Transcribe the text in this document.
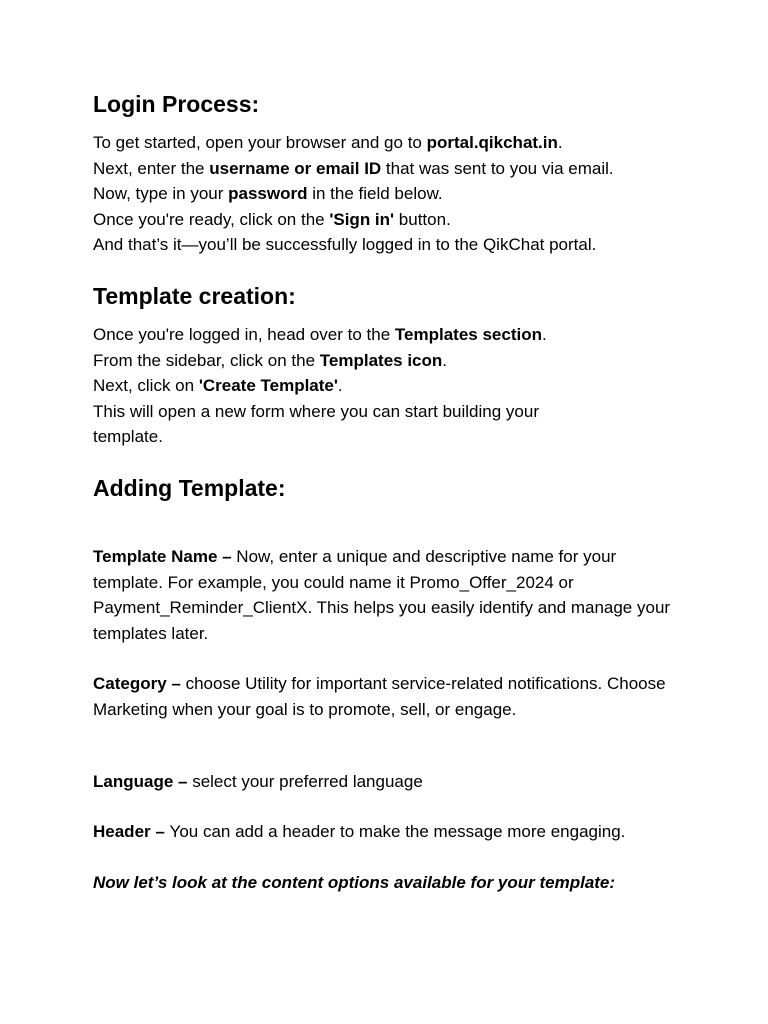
Login Process:

To get started, open your browser and go to portal.qikchat.in.

Next, enter the username or email ID that was sent to you via email.

Now, type in your password in the field below.

Once you're ready, click on the 'Sign in' button.

And that’s it—you’ll be successfully logged in to the QikChat portal.

Template creation:

Once you're logged in, head over to the Templates section.

From the sidebar, click on the Templates icon.

Next, click on 'Create Template'.

This will open a new form where you can start building your template.

Adding Template:

Template Name – Now, enter a unique and descriptive name for your template. For example, you could name it Promo_Offer_2024 or Payment_Reminder_ClientX. This helps you easily identify and manage your templates later.

Category – choose Utility for important service-related notifications. Choose Marketing when your goal is to promote, sell, or engage.

Language – select your preferred language

Header – You can add a header to make the message more engaging.

Now let’s look at the content options available for your template:
